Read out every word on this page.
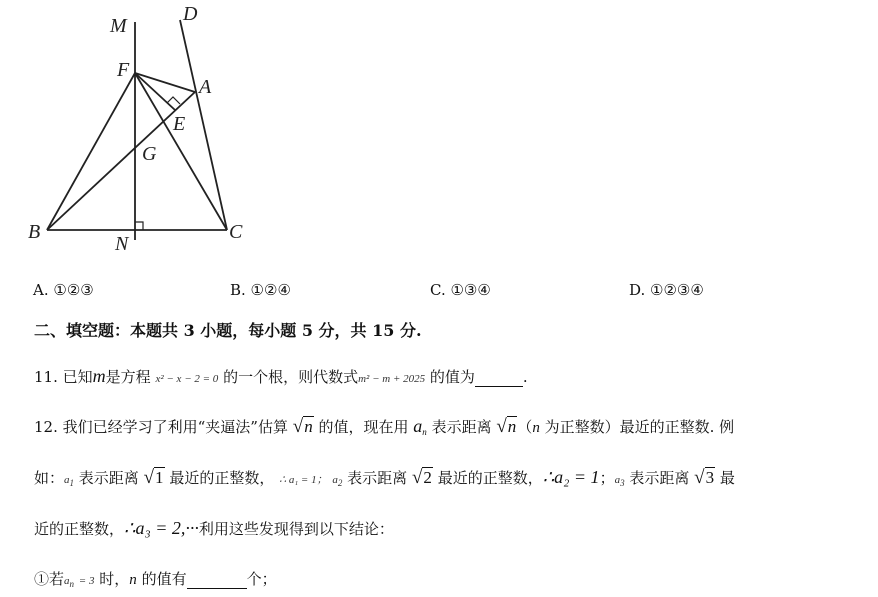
M
D
F
A
E
G
B
N
C
A. ①②③	B. ①②④	C. ①③④	D. ①②③④
二、填空题：本题共 3 小题，每小题 5 分，共 15 分.
11. 已知m是方程 x² − x − 2 = 0 的一个根，则代数式m² − m + 2025 的值为	.
12. 我们已经学习了利用“夹逼法”估算 √n 的值，现在用 $a_n$ 表示距离 √n（n 为正整数）最近的正整数. 例
如：$a_1$ 表示距离 √1 最近的正整数， ∴ a₁ = 1； $a_2$ 表示距离 √2 最近的正整数，∴a₂ = 1；$a_3$ 表示距离 √3 最
近的正整数，∴a₃ = 2,···利用这些发现得到以下结论：
①若$a_n = 3$ 时，n 的值有	个；
